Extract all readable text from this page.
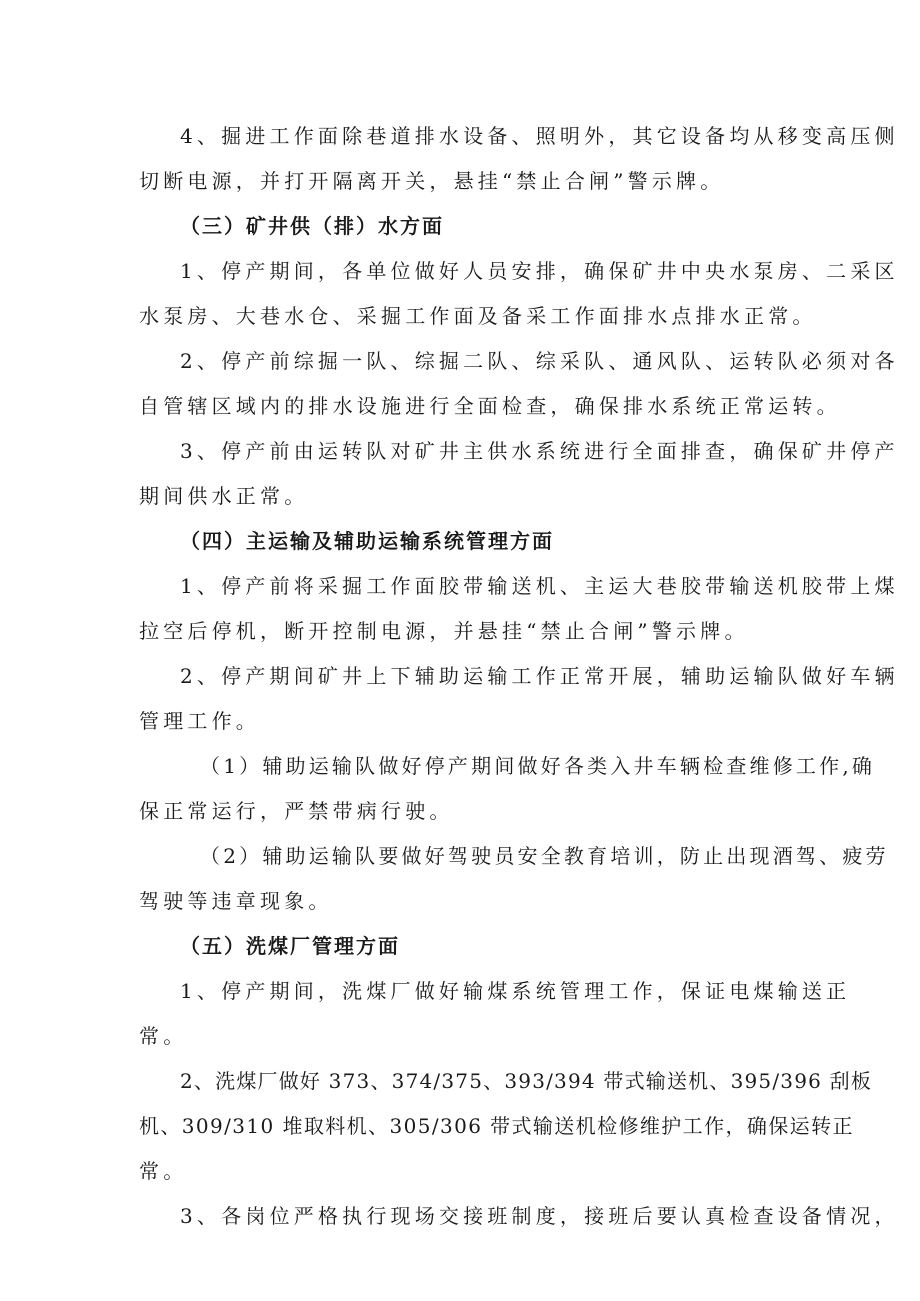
4、掘进工作面除巷道排水设备、照明外，其它设备均从移变高压侧
切断电源，并打开隔离开关，悬挂“禁止合闸”警示牌。
（三）矿井供（排）水方面
1、停产期间，各单位做好人员安排，确保矿井中央水泵房、二采区
水泵房、大巷水仓、采掘工作面及备采工作面排水点排水正常。
2、停产前综掘一队、综掘二队、综采队、通风队、运转队必须对各
自管辖区域内的排水设施进行全面检查，确保排水系统正常运转。
3、停产前由运转队对矿井主供水系统进行全面排查，确保矿井停产
期间供水正常。
（四）主运输及辅助运输系统管理方面
1、停产前将采掘工作面胶带输送机、主运大巷胶带输送机胶带上煤
拉空后停机，断开控制电源，并悬挂“禁止合闸”警示牌。
2、停产期间矿井上下辅助运输工作正常开展，辅助运输队做好车辆
管理工作。
（1）辅助运输队做好停产期间做好各类入井车辆检查维修工作,确
保正常运行，严禁带病行驶。
（2）辅助运输队要做好驾驶员安全教育培训，防止出现酒驾、疲劳
驾驶等违章现象。
（五）洗煤厂管理方面
1、停产期间，洗煤厂做好输煤系统管理工作，保证电煤输送正
常。
2、洗煤厂做好 373、374/375、393/394 带式输送机、395/396 刮板
机、309/310 堆取料机、305/306 带式输送机检修维护工作，确保运转正
常。
3、各岗位严格执行现场交接班制度，接班后要认真检查设备情况，
